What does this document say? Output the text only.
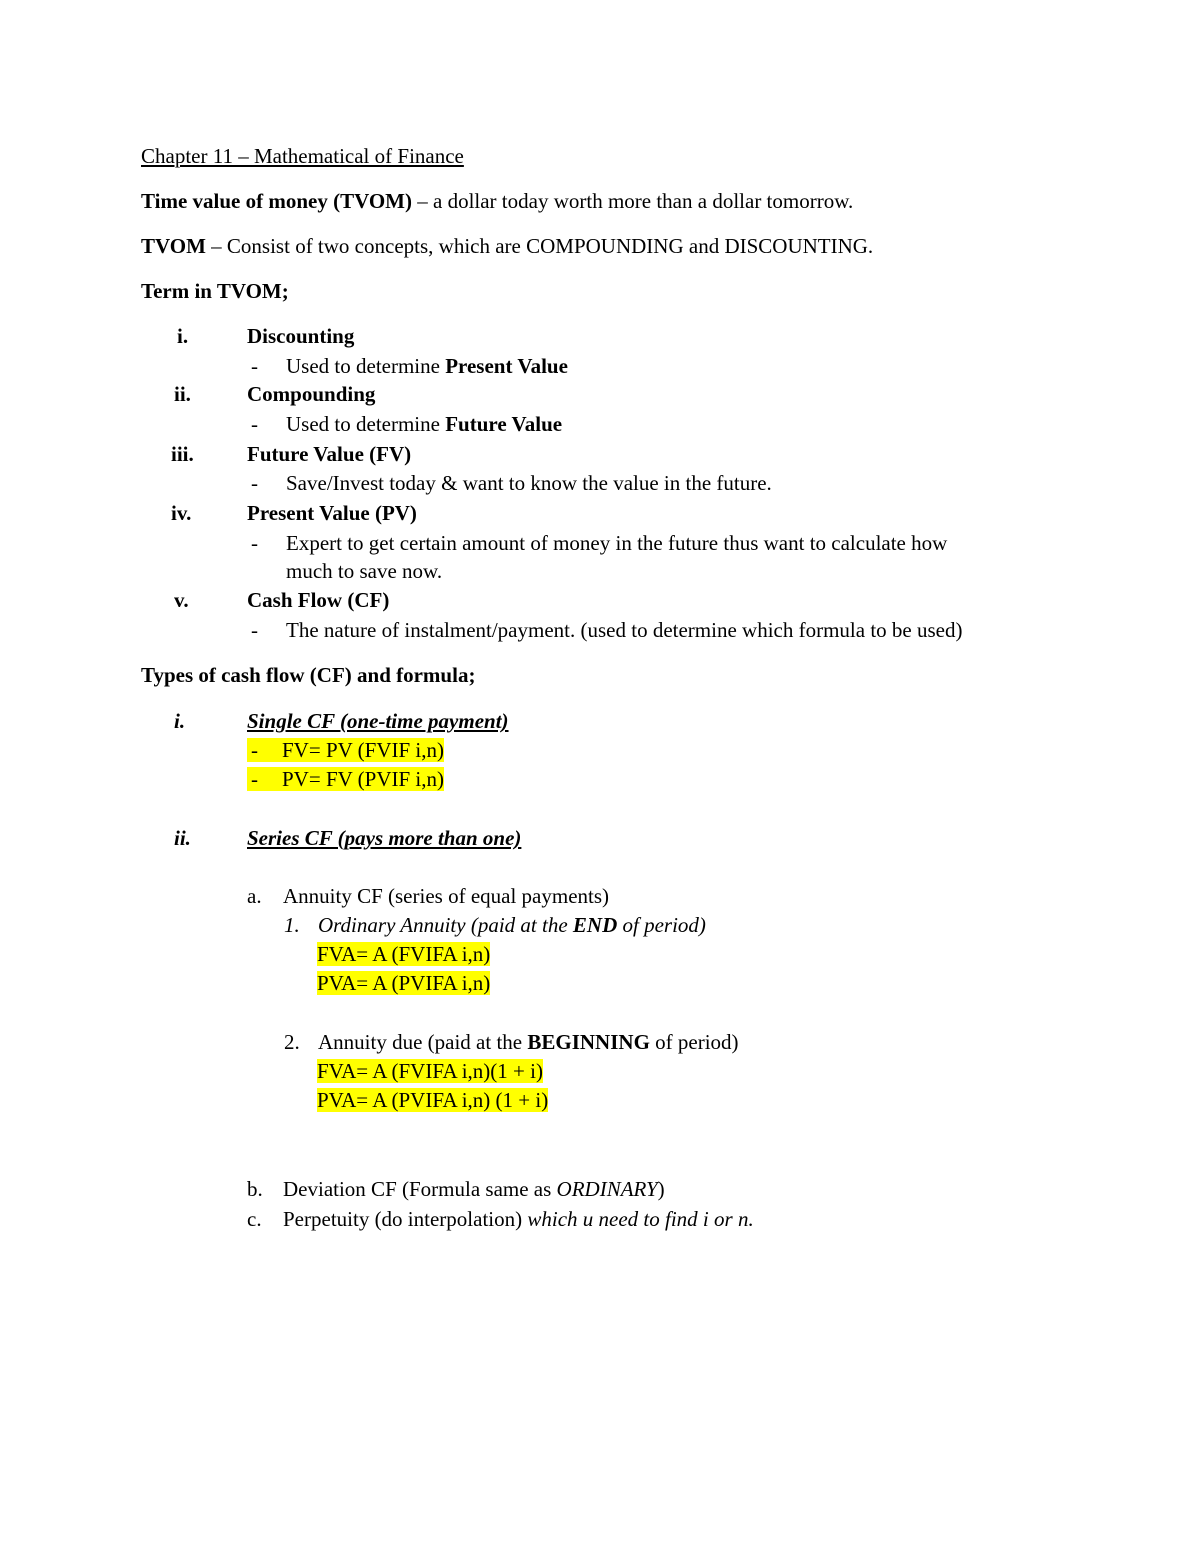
Chapter 11 – Mathematical of Finance
Time value of money (TVOM) – a dollar today worth more than a dollar tomorrow.
TVOM – Consist of two concepts, which are COMPOUNDING and DISCOUNTING.
Term in TVOM;
i.	Discounting
- Used to determine Present Value
ii.	Compounding
- Used to determine Future Value
iii.	Future Value (FV)
- Save/Invest today & want to know the value in the future.
iv.	Present Value (PV)
- Expert to get certain amount of money in the future thus want to calculate how
much to save now.
v.	Cash Flow (CF)
- The nature of instalment/payment. (used to determine which formula to be used)
Types of cash flow (CF) and formula;
i.	Single CF (one-time payment)
- FV= PV (FVIF i,n)
- PV= FV (PVIF i,n)
ii.	Series CF (pays more than one)
a. Annuity CF (series of equal payments)
1. Ordinary Annuity (paid at the END of period)
FVA= A (FVIFA i,n)
PVA= A (PVIFA i,n)
2. Annuity due (paid at the BEGINNING of period)
FVA= A (FVIFA i,n)(1 + i)
PVA= A (PVIFA i,n) (1 + i)
b. Deviation CF (Formula same as ORDINARY)
c. Perpetuity (do interpolation) which u need to find i or n.
